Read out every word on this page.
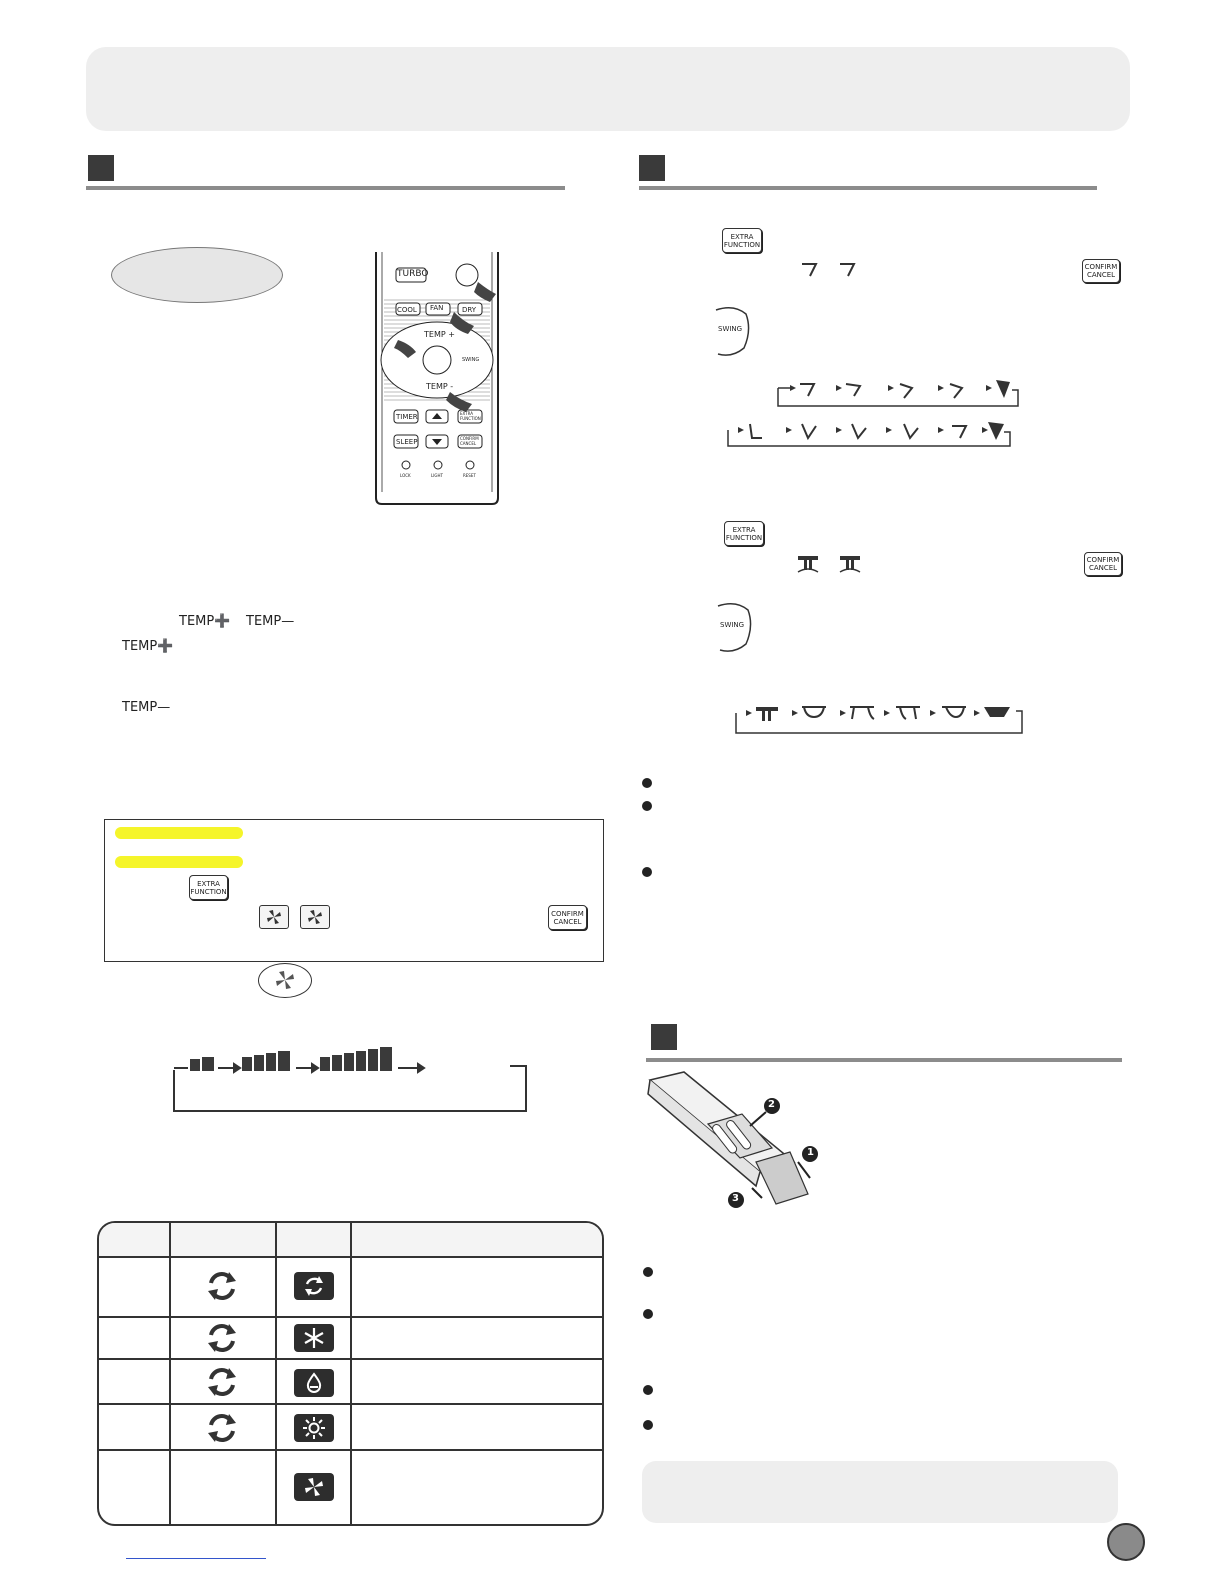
TURBO
COOL FAN	DRY
TEMP +
SWING
TEMP -
TIMER
SLEEP
EXTRA
FUNCTION
CONFIRM
CANCEL
LOCK	LIGHT	RESET
TEMP➕ TEMP—
TEMP➕
TEMP—
EXTRA
FUNCTION
CONFIRM
CANCEL
EXTRA
FUNCTION
CONFIRM
CANCEL
SWING
EXTRA
FUNCTION
CONFIRM
CANCEL
SWING
2
1
3
